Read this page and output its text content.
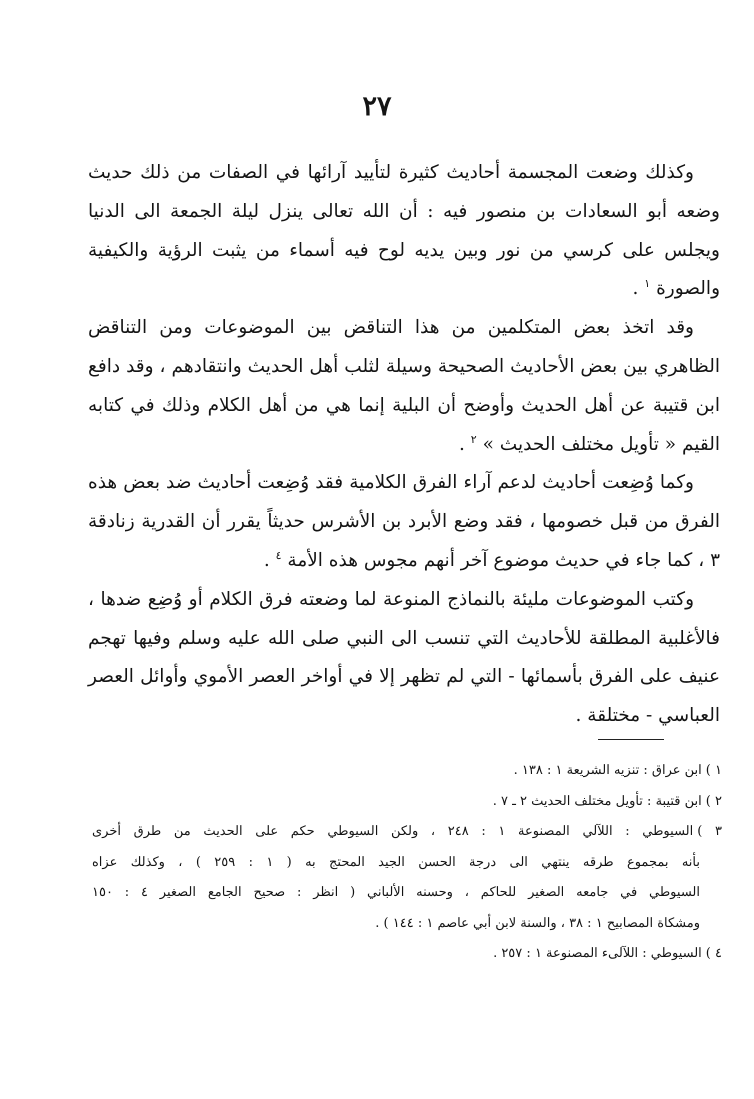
٢٧

وكذلك وضعت المجسمة أحاديث كثيرة لتأييد آرائها في الصفات من ذلك حديث وضعه أبو السعادات بن منصور فيه : أن الله تعالى ينزل ليلة الجمعة الى الدنيا ويجلس على كرسي من نور وبين يديه لوح فيه أسماء من يثبت الرؤية والكيفية والصورة $^١$ .

وقد اتخذ بعض المتكلمين من هذا التناقض بين الموضوعات ومن التناقض الظاهري بين بعض الأحاديث الصحيحة وسيلة لثلب أهل الحديث وانتقادهم ، وقد دافع ابن قتيبة عن أهل الحديث وأوضح أن البلية إنما هي من أهل الكلام وذلك في كتابه القيم « تأويل مختلف الحديث » $^٢$ .

وكما وُضِعت أحاديث لدعم آراء الفرق الكلامية فقد وُضِعت أحاديث ضد بعض هذه الفرق من قبل خصومها ، فقد وضع الأبرد بن الأشرس حديثاً يقرر أن القدرية زنادقة ٣ ، كما جاء في حديث موضوع آخر أنهم مجوس هذه الأمة $^٤$ .

وكتب الموضوعات مليئة بالنماذج المنوعة لما وضعته فرق الكلام أو وُضِع ضدها ، فالأغلبية المطلقة للأحاديث التي تنسب الى النبي صلى الله عليه وسلم وفيها تهجم عنيف على الفرق بأسمائها - التي لم تظهر إلا في أواخر العصر الأموي وأوائل العصر العباسي - مختلقة .

١ )ابن عراق : تنزيه الشريعة ١ : ١٣٨ .
٢ )ابن قتيبة : تأويل مختلف الحديث ٢ ـ ٧ .
٣ )السيوطي : اللآلي المصنوعة ١ : ٢٤٨ ، ولكن السيوطي حكم على الحديث من طرق أخرى
بأنه بمجموع طرقه ينتهي الى درجة الحسن الجيد المحتج به ( ١ : ٢٥٩ ) ، وكذلك عزاه
السيوطي في جامعه الصغير للحاكم ، وحسنه الألباني ( انظر : صحيح الجامع الصغير ٤ : ١٥٠
ومشكاة المصابيح ١ : ٣٨ ، والسنة لابن أبي عاصم ١ : ١٤٤ ) .
٤ )السيوطي : اللآلىء المصنوعة ١ : ٢٥٧ .
